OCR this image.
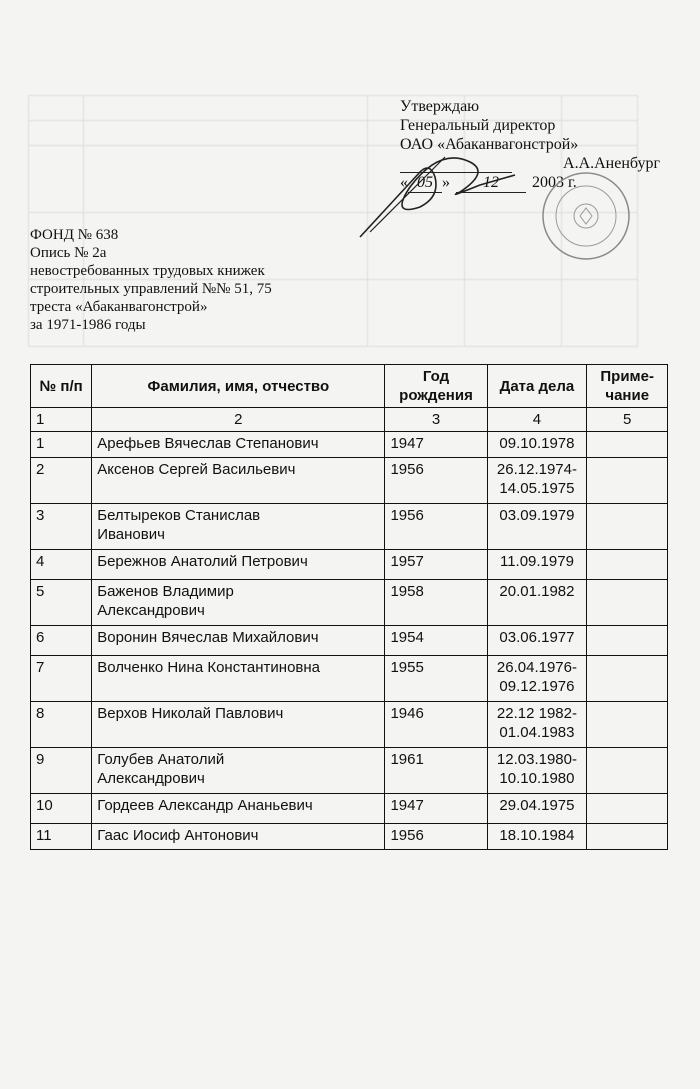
Утверждаю
Генеральный директор
ОАО «Абаканвагонстрой»
А.А.Аненбург
« 05 »	12	2003 г.
ФОНД № 638
Опись № 2а
невостребованных трудовых книжек
строительных управлений №№ 51, 75
треста «Абаканвагонстрой»
за 1971-1986 годы
№ п/п	Фамилия, имя, отчество	Год рождения	Дата дела	Приме-чание
1	2	3	4	5
1	Арефьев Вячеслав Степанович	1947	09.10.1978	
2	Аксенов Сергей Васильевич	1956	26.12.1974-
14.05.1975	
3	Белтырекoв Станислав
Иванович	1956	03.09.1979	
4	Бережнов Анатолий Петрович	1957	11.09.1979	
5	Баженов Владимир
Александрович	1958	20.01.1982	
6	Воронин Вячеслав Михайлович	1954	03.06.1977	
7	Волченко Нина Константиновна	1955	26.04.1976-
09.12.1976	
8	Верхов Николай Павлович	1946	22.12 1982-
01.04.1983	
9	Голубев Анатолий
Александрович	1961	12.03.1980-
10.10.1980	
10	Гордеев Александр Ананьевич	1947	29.04.1975	
11	Гаас Иосиф Антонович	1956	18.10.1984	
